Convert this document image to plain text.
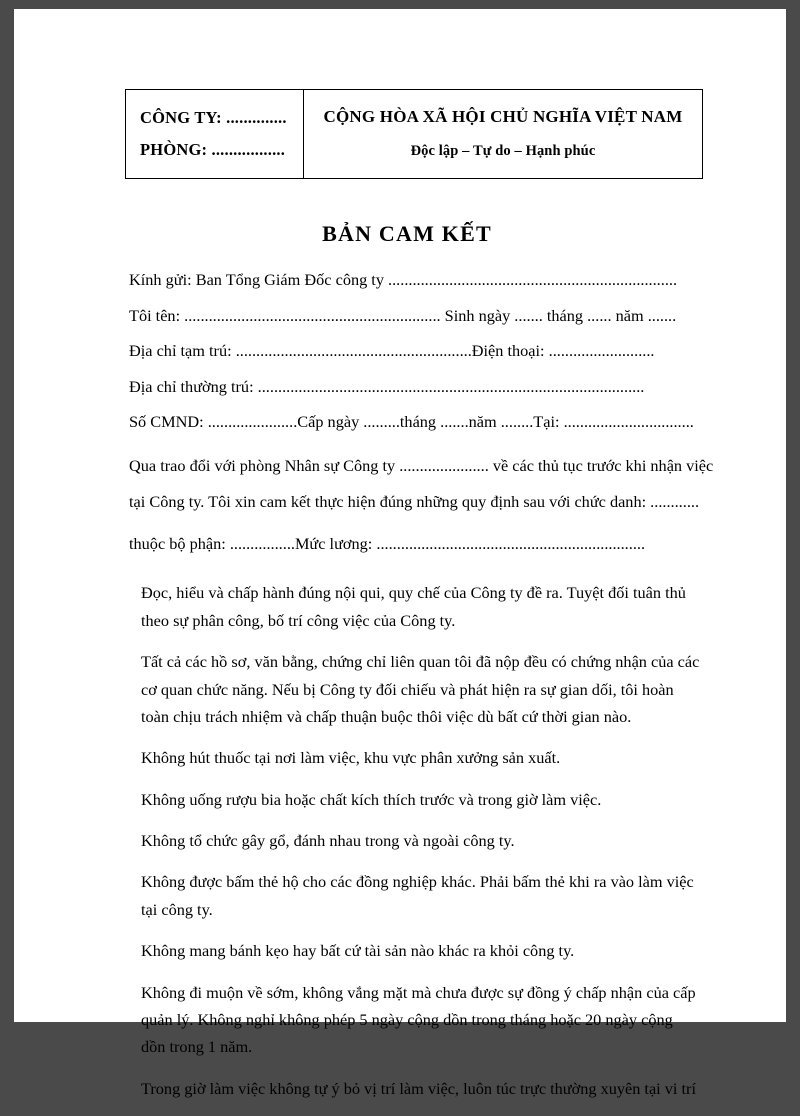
CÔNG TY: ..............
PHÒNG: .................

CỘNG HÒA XÃ HỘI CHỦ NGHĨA VIỆT NAM
Độc lập – Tự do – Hạnh phúc
BẢN CAM KẾT
Kính gửi: Ban Tổng Giám Đốc công ty .......................................................................
Tôi tên: ............................................................... Sinh ngày ....... tháng ...... năm .......
Địa chỉ tạm trú: ..........................................................Điện thoại: ..........................
Địa chỉ thường trú: ...............................................................................................
Số CMND: ......................Cấp ngày .........tháng .......năm ........Tại: ................................
Qua trao đổi với phòng Nhân sự Công ty ...................... về các thủ tục trước khi nhận việc
tại Công ty. Tôi xin cam kết thực hiện đúng những quy định sau với chức danh: ............
thuộc bộ phận: ................Mức lương: ..................................................................

Đọc, hiểu và chấp hành đúng nội qui, quy chế của Công ty đề ra. Tuyệt đối tuân thủ theo sự phân công, bố trí công việc của Công ty.

Tất cả các hồ sơ, văn bằng, chứng chỉ liên quan tôi đã nộp đều có chứng nhận của các cơ quan chức năng. Nếu bị Công ty đối chiếu và phát hiện ra sự gian dối, tôi hoàn toàn chịu trách nhiệm và chấp thuận buộc thôi việc dù bất cứ thời gian nào.

Không hút thuốc tại nơi làm việc, khu vực phân xưởng sản xuất.

Không uống rượu bia hoặc chất kích thích trước và trong giờ làm việc.

Không tổ chức gây gổ, đánh nhau trong và ngoài công ty.

Không được bấm thẻ hộ cho các đồng nghiệp khác. Phải bấm thẻ khi ra vào làm việc tại công ty.

Không mang bánh kẹo hay bất cứ tài sản nào khác ra khỏi công ty.

Không đi muộn về sớm, không vắng mặt mà chưa được sự đồng ý chấp nhận của cấp quản lý. Không nghỉ không phép 5 ngày cộng dồn trong tháng hoặc 20 ngày cộng dồn trong 1 năm.

Trong giờ làm việc không tự ý bỏ vị trí làm việc, luôn túc trực thường xuyên tại vi trí
